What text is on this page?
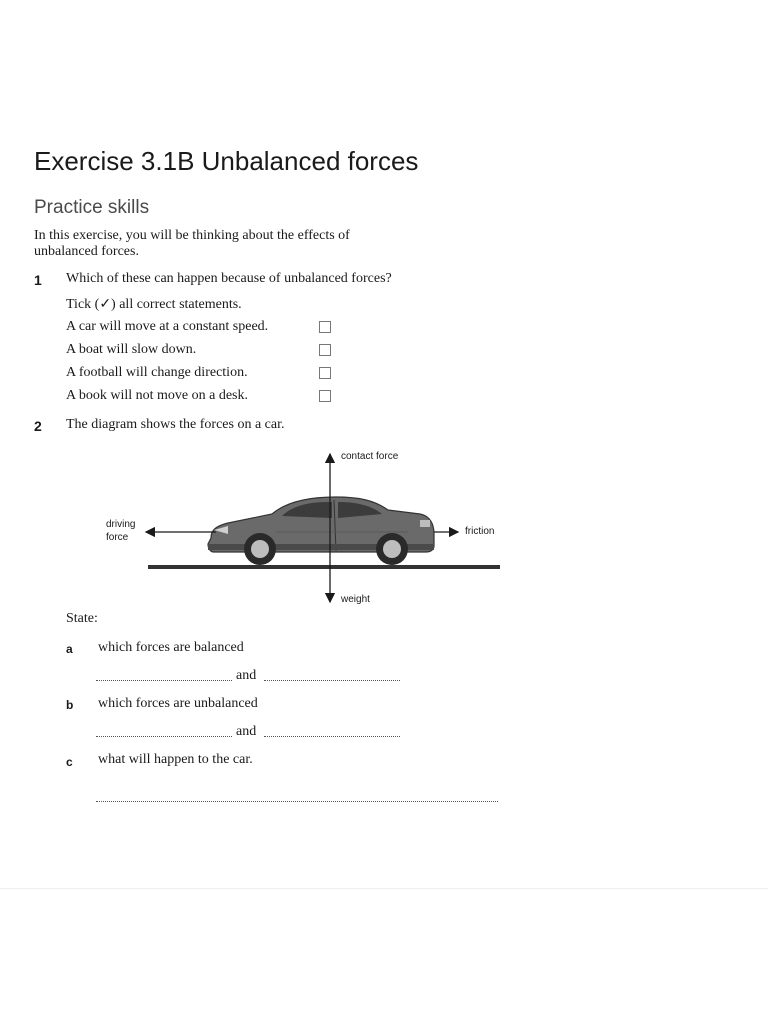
Exercise 3.1B Unbalanced forces
Practice skills

In this exercise, you will be thinking about the effects of unbalanced forces.

1 Which of these can happen because of unbalanced forces?
Tick (✓) all correct statements.
A car will move at a constant speed.
A boat will slow down.
A football will change direction.
A book will not move on a desk.
2 The diagram shows the forces on a car.
contact force
driving
force
friction
weight
State:
a which forces are balanced
and
b which forces are unbalanced
and
c what will happen to the car.
